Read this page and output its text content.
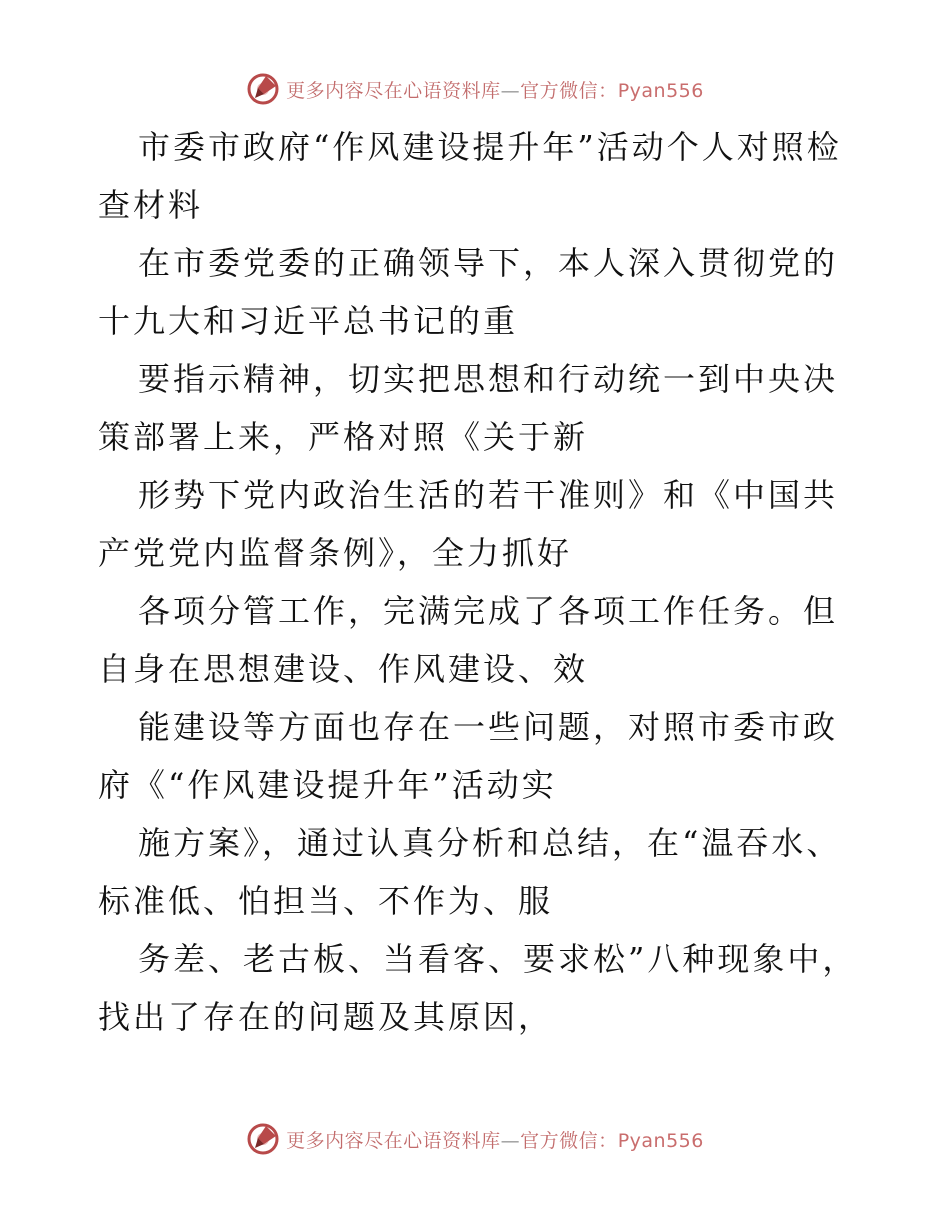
更多内容尽在心语资料库—官方微信：Pyan556

市委市政府“作风建设提升年”活动个人对照检查材料

在市委党委的正确领导下，本人深入贯彻党的十九大和习近平总书记的重

要指示精神，切实把思想和行动统一到中央决策部署上来，严格对照《关于新

形势下党内政治生活的若干准则》和《中国共产党党内监督条例》，全力抓好

各项分管工作，完满完成了各项工作任务。但自身在思想建设、作风建设、效

能建设等方面也存在一些问题，对照市委市政府《“作风建设提升年”活动实

施方案》，通过认真分析和总结，在“温吞水、标准低、怕担当、不作为、服

务差、老古板、当看客、要求松”八种现象中，找出了存在的问题及其原因，

更多内容尽在心语资料库—官方微信：Pyan556
